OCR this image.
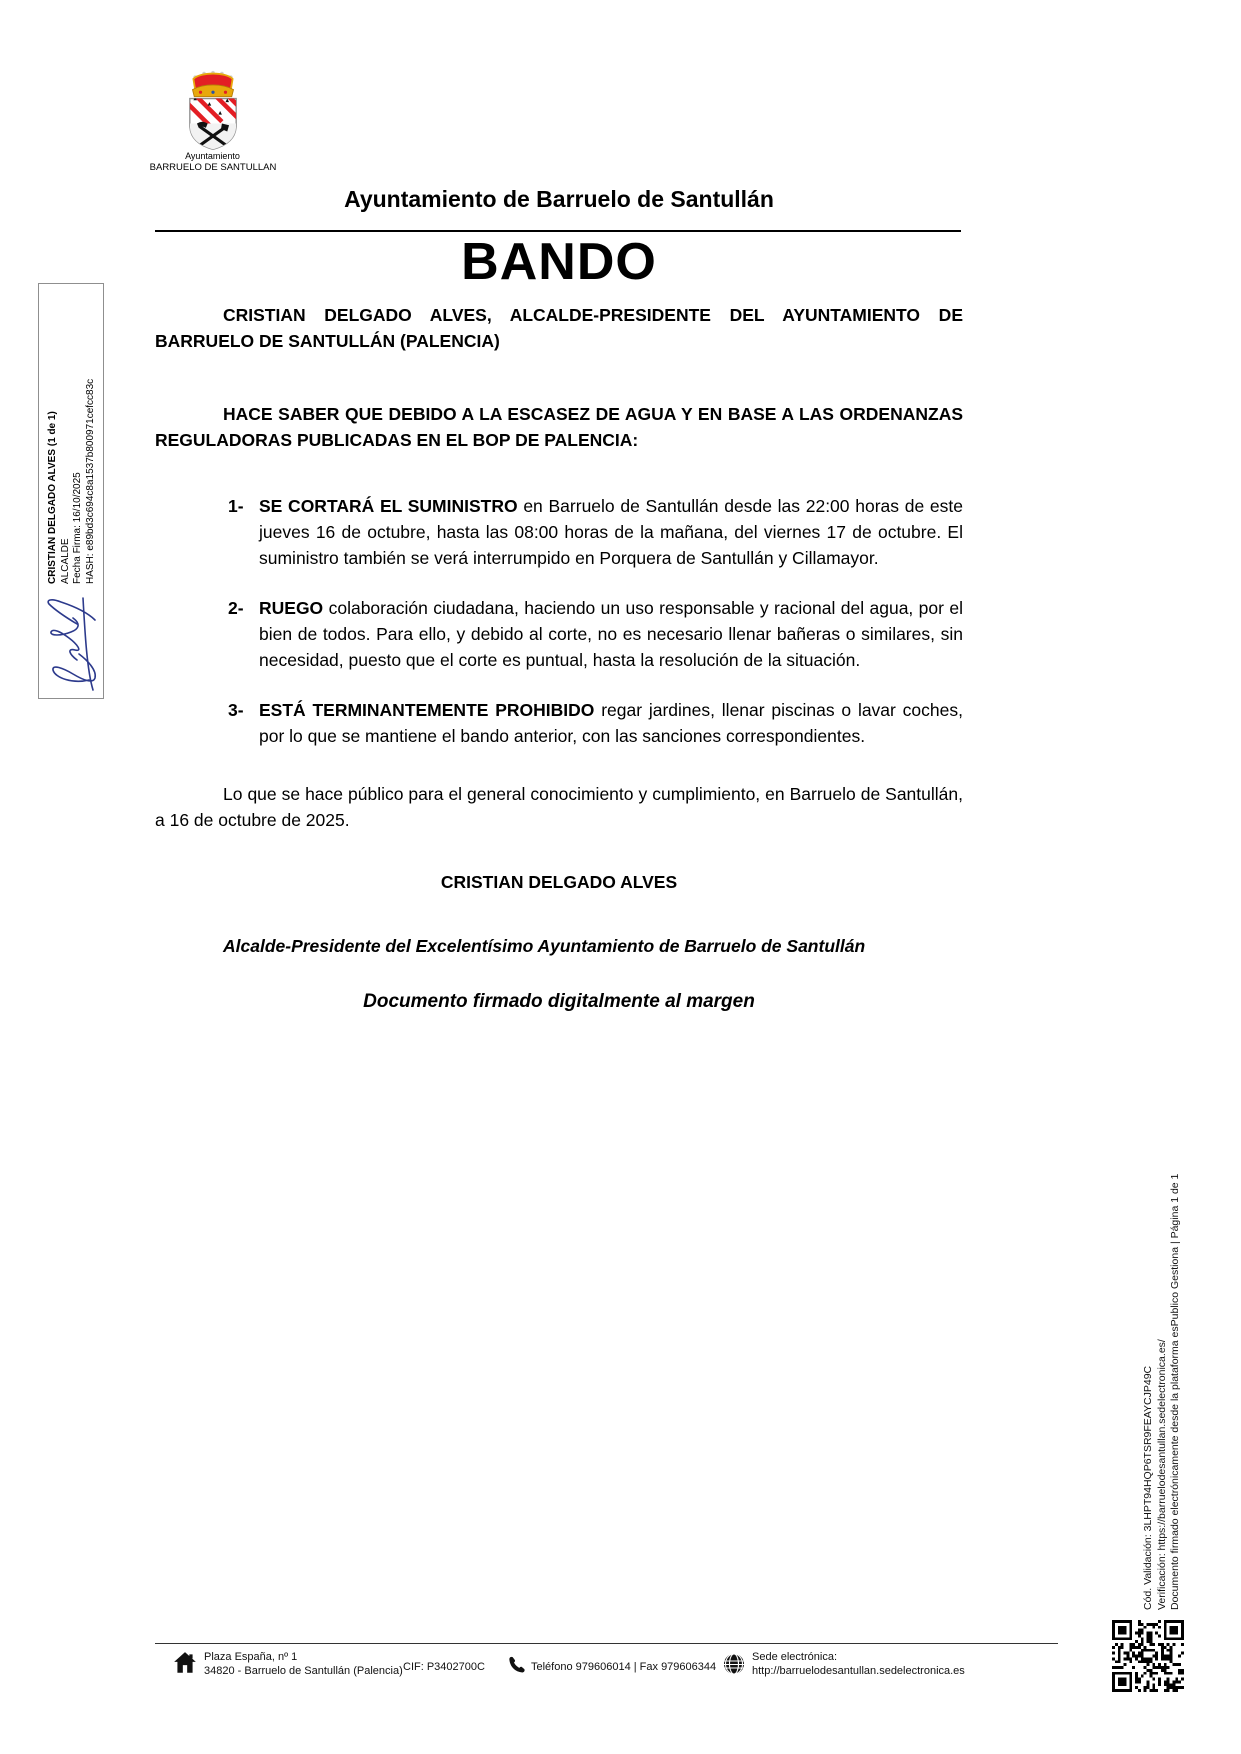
CRISTIAN DELGADO ALVES (1 de 1) ALCALDE Fecha Firma: 16/10/2025 HASH: e89bd3c694c8a1537b800971cefcc83c
Ayuntamiento
BARRUELO DE SANTULLAN
Ayuntamiento de Barruelo de Santullán
BANDO

CRISTIAN DELGADO ALVES, ALCALDE-PRESIDENTE DEL AYUNTAMIENTO DE BARRUELO DE SANTULLÁN (PALENCIA)

HACE SABER QUE DEBIDO A LA ESCASEZ DE AGUA Y EN BASE A LAS ORDENANZAS REGULADORAS PUBLICADAS EN EL BOP DE PALENCIA:

1- SE CORTARÁ EL SUMINISTRO en Barruelo de Santullán desde las 22:00 horas de este jueves 16 de octubre, hasta las 08:00 horas de la mañana, del viernes 17 de octubre. El suministro también se verá interrumpido en Porquera de Santullán y Cillamayor.
2- RUEGO colaboración ciudadana, haciendo un uso responsable y racional del agua, por el bien de todos. Para ello, y debido al corte, no es necesario llenar bañeras o similares, sin necesidad, puesto que el corte es puntual, hasta la resolución de la situación.
3- ESTÁ TERMINANTEMENTE PROHIBIDO regar jardines, llenar piscinas o lavar coches, por lo que se mantiene el bando anterior, con las sanciones correspondientes.

Lo que se hace público para el general conocimiento y cumplimiento, en Barruelo de Santullán, a 16 de octubre de 2025.

CRISTIAN DELGADO ALVES

Alcalde-Presidente del Excelentísimo Ayuntamiento de Barruelo de Santullán

Documento firmado digitalmente al margen

Cód. Validación: 3LHPT94HQP6TSR9FEAYCJP49C Verificación: https://barruelodesantullan.sedelectronica.es/ Documento firmado electrónicamente desde la plataforma esPublico Gestiona | Página 1 de 1
Plaza España, nº 1
34820 - Barruelo de Santullán (Palencia) CIF: P3402700C	Teléfono 979606014 | Fax 979606344
Sede electrónica:
http://barruelodesantullan.sedelectronica.es
